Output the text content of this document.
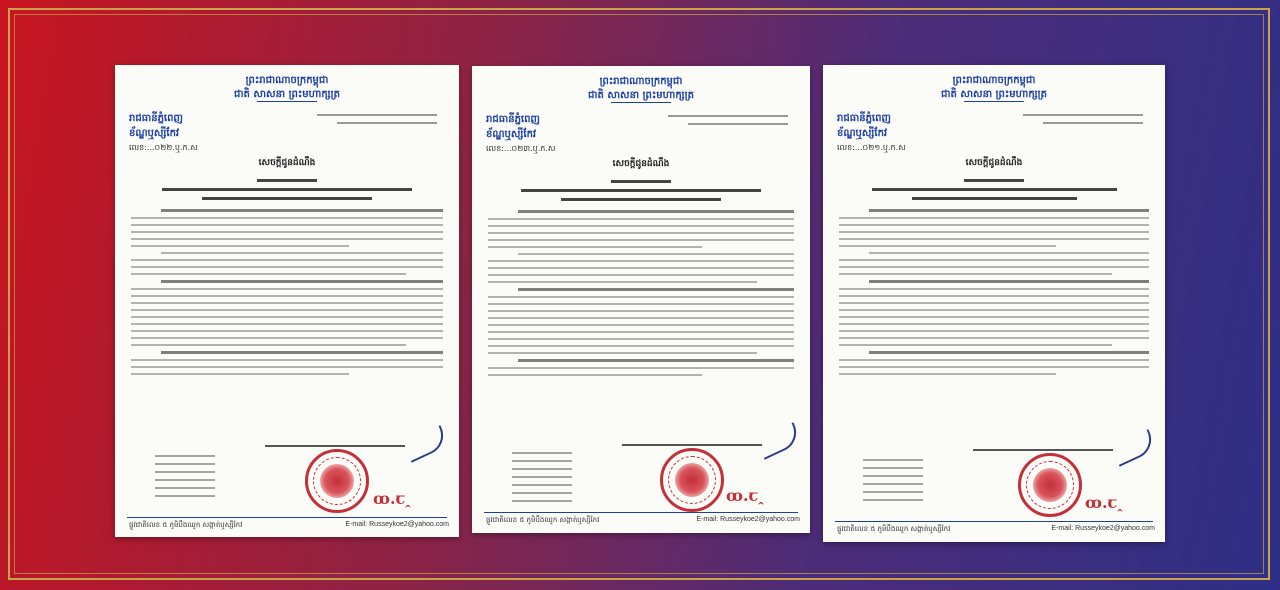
ព្រះរាជាណាចក្រកម្ពុជា
ជាតិ សាសនា ព្រះមហាក្សត្រ
រាជធានីភ្នំពេញ
ខ័ណ្ឌឬស្សីកែវ
លេខ:...០២២.ឬ.ក.ស
សេចក្ដីជូនដំណឹង
ꝏ.ꞇꞈ
ផ្លូវជាតិលេខ ៥ ភូមិបឹងឈូក សង្កាត់ឬស្សីកែវ	E-mail: Russeykoe2@yahoo.com
ព្រះរាជាណាចក្រកម្ពុជា
ជាតិ សាសនា ព្រះមហាក្សត្រ
រាជធានីភ្នំពេញ
ខ័ណ្ឌឬស្សីកែវ
លេខ:...០២៣.ឬ.ក.ស
សេចក្ដីជូនដំណឹង
ꝏ.ꞇꞈ
ផ្លូវជាតិលេខ ៥ ភូមិបឹងឈូក សង្កាត់ឬស្សីកែវ	E-mail: Russeykoe2@yahoo.com
ព្រះរាជាណាចក្រកម្ពុជា
ជាតិ សាសនា ព្រះមហាក្សត្រ
រាជធានីភ្នំពេញ
ខ័ណ្ឌឬស្សីកែវ
លេខ:...០២១.ឬ.ក.ស
សេចក្ដីជូនដំណឹង
ꝏ.ꞇꞈ
ផ្លូវជាតិលេខ ៥ ភូមិបឹងឈូក សង្កាត់ឬស្សីកែវ	E-mail: Russeykoe2@yahoo.com
